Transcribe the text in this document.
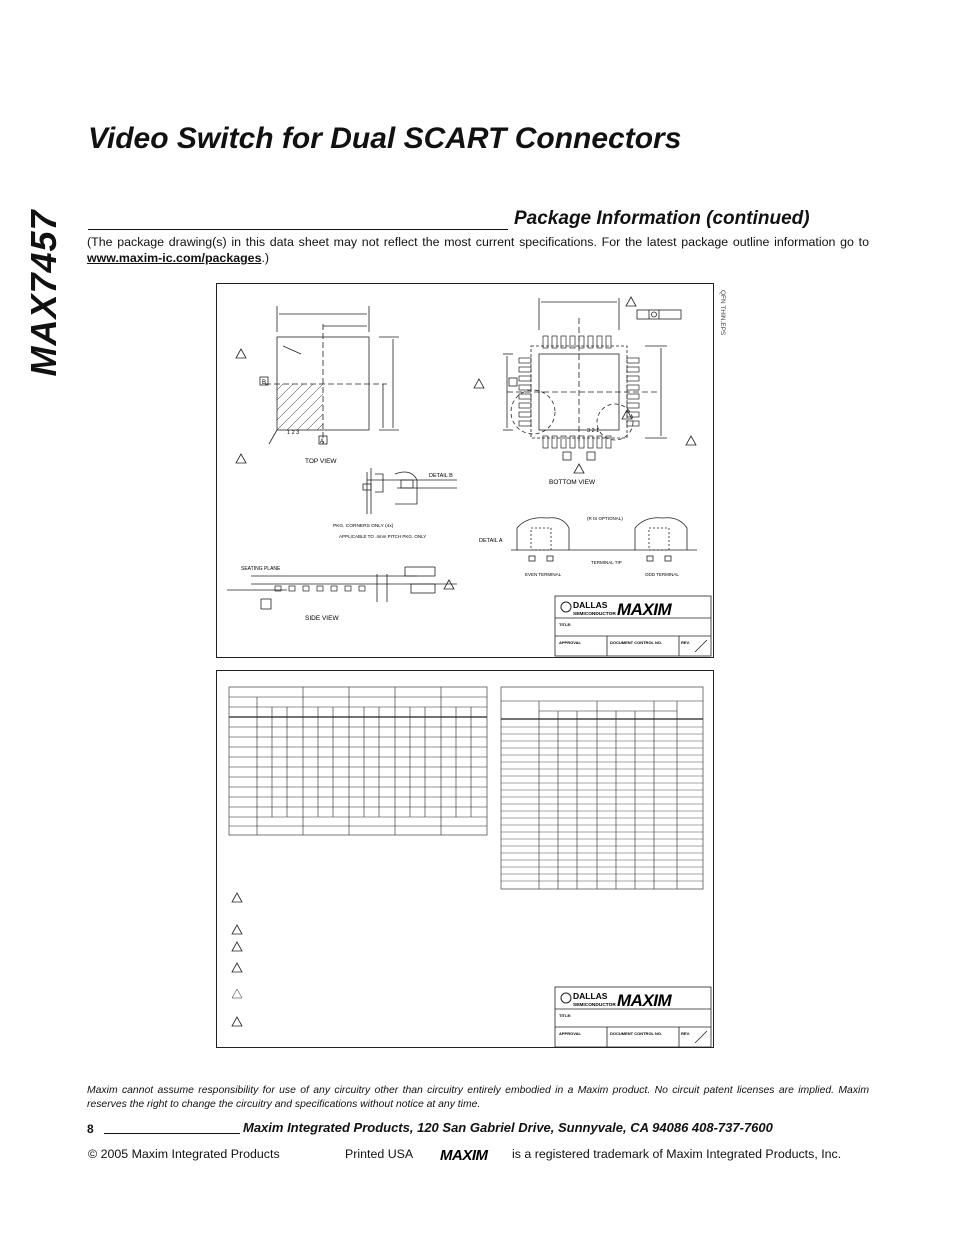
MAX7457
Video Switch for Dual SCART Connectors
Package Information (continued)
(The package drawing(s) in this data sheet may not reflect the most current specifications. For the latest package outline information go to www.maxim-ic.com/packages.)
A
B
1 2 3	3 2 1
TOP VIEW
BOTTOM VIEW
SIDE VIEW
DETAIL B
DETAIL A
PKG. CORNERS ONLY (4x)
APPLICABLE TO .4mm PITCH PKG. ONLY
SEATING PLANE
TERMINAL TIP
EVEN TERMINAL	ODD TERMINAL
(R IS OPTIONAL)
QFN THIN.EPS
DALLAS
SEMICONDUCTOR MAXIM
TITLE:
APPROVAL	DOCUMENT CONTROL NO.	REV.
DALLAS
SEMICONDUCTOR MAXIM
TITLE:
APPROVAL	DOCUMENT CONTROL NO.	REV.
Maxim cannot assume responsibility for use of any circuitry other than circuitry entirely embodied in a Maxim product. No circuit patent licenses are implied. Maxim reserves the right to change the circuitry and specifications without notice at any time.
8	Maxim Integrated Products, 120 San Gabriel Drive, Sunnyvale, CA 94086 408-737-7600
© 2005 Maxim Integrated Products	Printed USA MAXIM is a registered trademark of Maxim Integrated Products, Inc.
